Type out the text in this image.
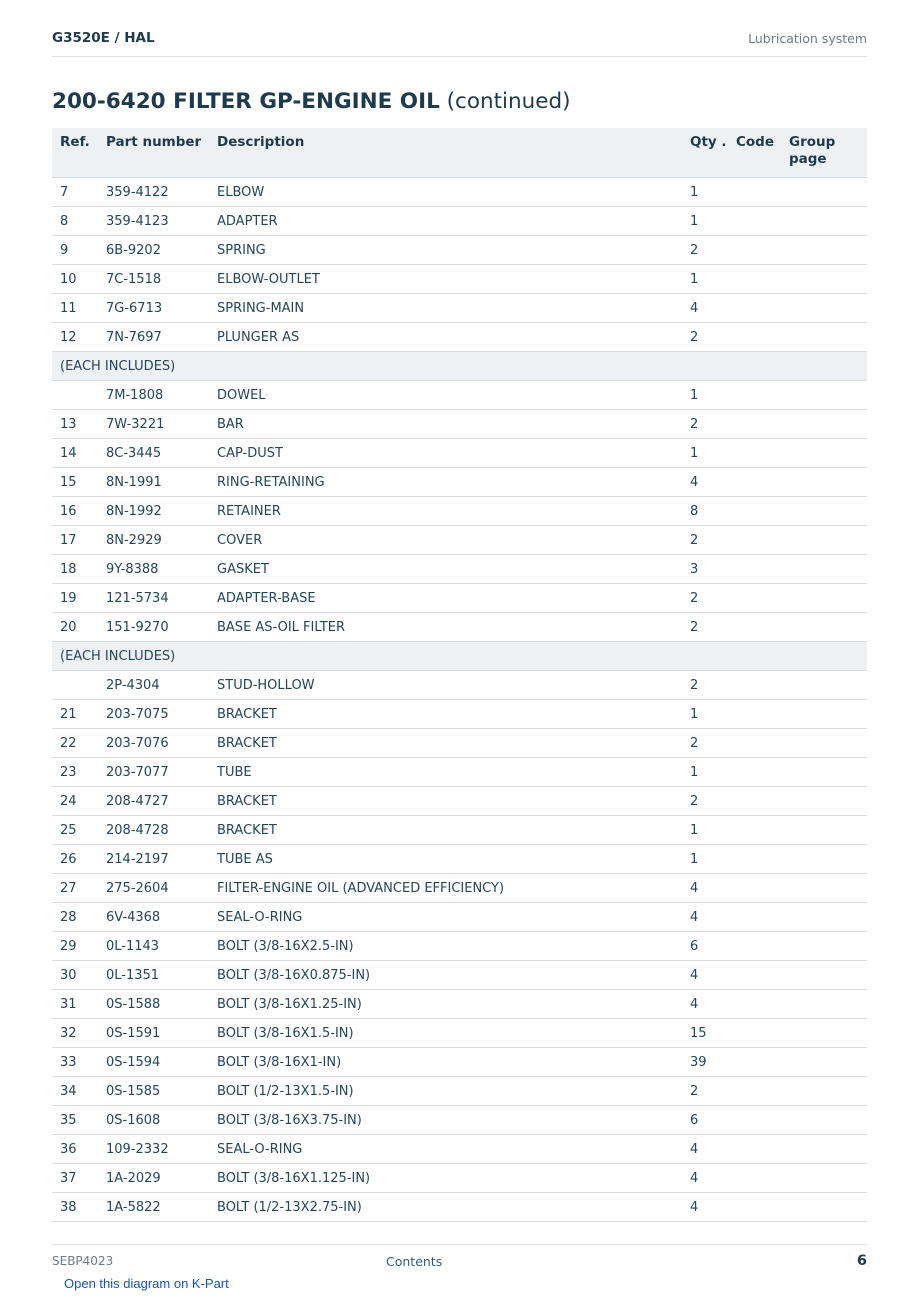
G3520E / HAL	Lubrication system
200-6420 FILTER GP-ENGINE OIL (continued)
Ref.	Part number	Description	Qty .	Code	Group page
7	359-4122	ELBOW	1		
8	359-4123	ADAPTER	1		
9	6B-9202	SPRING	2		
10	7C-1518	ELBOW-OUTLET	1		
11	7G-6713	SPRING-MAIN	4		
12	7N-7697	PLUNGER AS	2		
(EACH INCLUDES)					
	7M-1808	DOWEL	1		
13	7W-3221	BAR	2		
14	8C-3445	CAP-DUST	1		
15	8N-1991	RING-RETAINING	4		
16	8N-1992	RETAINER	8		
17	8N-2929	COVER	2		
18	9Y-8388	GASKET	3		
19	121-5734	ADAPTER-BASE	2		
20	151-9270	BASE AS-OIL FILTER	2		
(EACH INCLUDES)					
	2P-4304	STUD-HOLLOW	2		
21	203-7075	BRACKET	1		
22	203-7076	BRACKET	2		
23	203-7077	TUBE	1		
24	208-4727	BRACKET	2		
25	208-4728	BRACKET	1		
26	214-2197	TUBE AS	1		
27	275-2604	FILTER-ENGINE OIL (ADVANCED EFFICIENCY)	4		
28	6V-4368	SEAL-O-RING	4		
29	0L-1143	BOLT (3/8-16X2.5-IN)	6		
30	0L-1351	BOLT (3/8-16X0.875-IN)	4		
31	0S-1588	BOLT (3/8-16X1.25-IN)	4		
32	0S-1591	BOLT (3/8-16X1.5-IN)	15		
33	0S-1594	BOLT (3/8-16X1-IN)	39		
34	0S-1585	BOLT (1/2-13X1.5-IN)	2		
35	0S-1608	BOLT (3/8-16X3.75-IN)	6		
36	109-2332	SEAL-O-RING	4		
37	1A-2029	BOLT (3/8-16X1.125-IN)	4		
38	1A-5822	BOLT (1/2-13X2.75-IN)	4		
SEBP4023	Contents	6
Open this diagram on K-Part
